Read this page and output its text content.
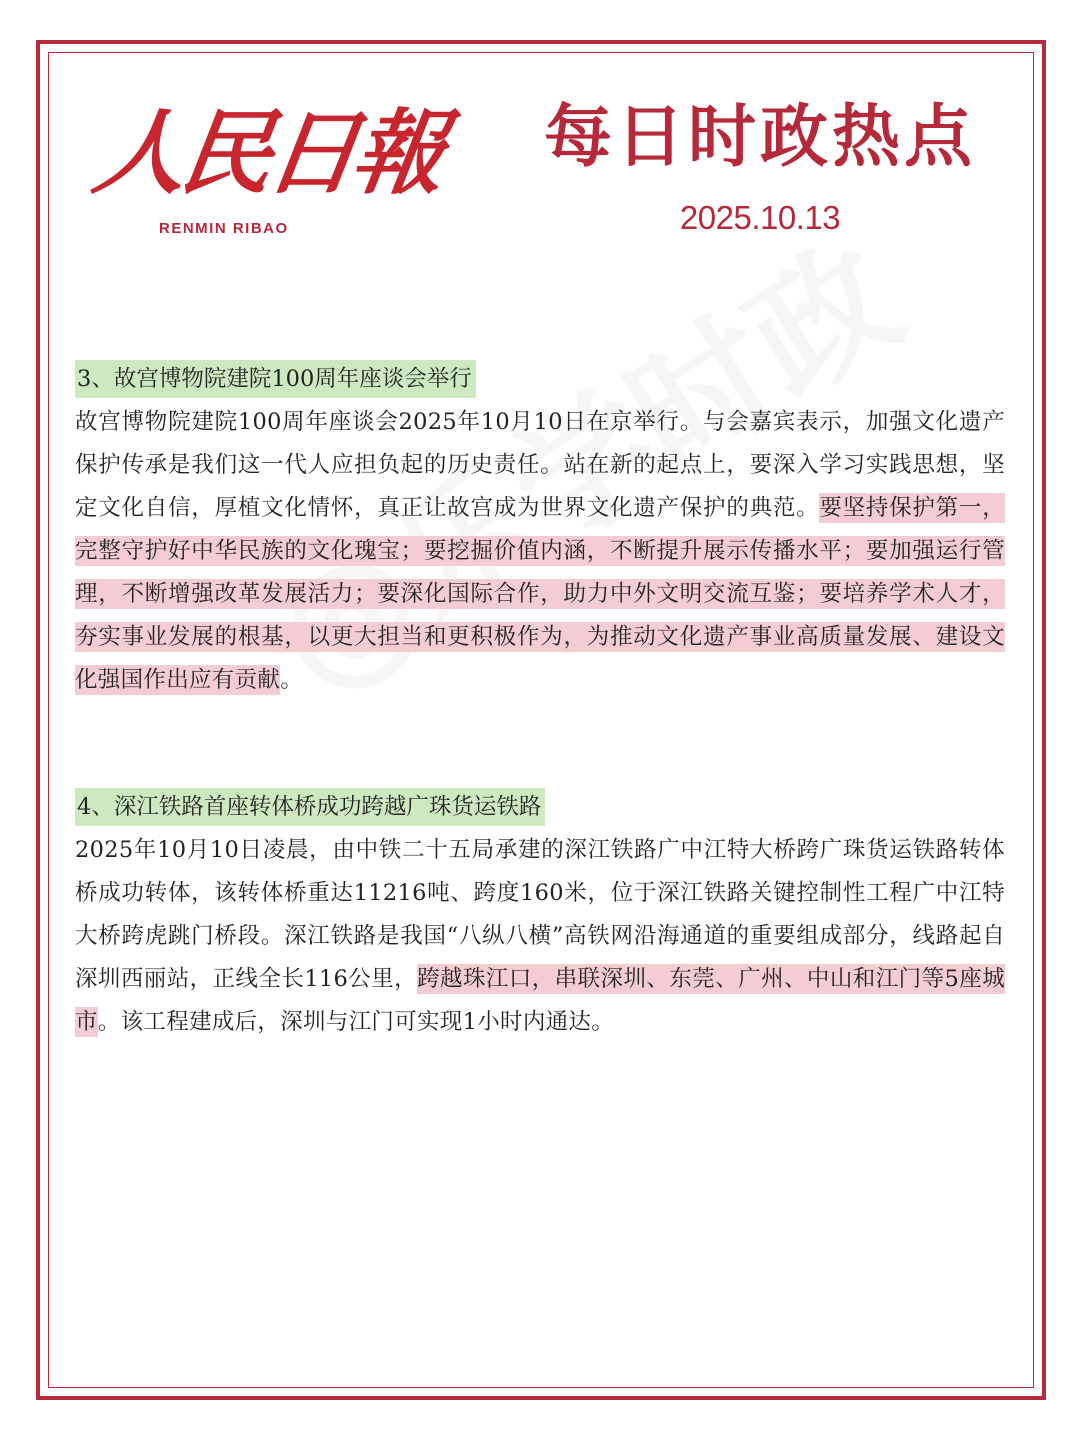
人民日報
RENMIN RIBAO
每日时政热点
2025.10.13
3、故宫博物院建院100周年座谈会举行

故宫博物院建院100周年座谈会2025年10月10日在京举行。与会嘉宾表示，加强文化遗产保护传承是我们这一代人应担负起的历史责任。站在新的起点上，要深入学习实践思想，坚定文化自信，厚植文化情怀，真正让故宫成为世界文化遗产保护的典范。要坚持保护第一，完整守护好中华民族的文化瑰宝；要挖掘价值内涵，不断提升展示传播水平；要加强运行管理，不断增强改革发展活力；要深化国际合作，助力中外文明交流互鉴；要培养学术人才，夯实事业发展的根基，以更大担当和更积极作为，为推动文化遗产事业高质量发展、建设文化强国作出应有贡献。

4、深江铁路首座转体桥成功跨越广珠货运铁路

2025年10月10日凌晨，由中铁二十五局承建的深江铁路广中江特大桥跨广珠货运铁路转体桥成功转体，该转体桥重达11216吨、跨度160米，位于深江铁路关键控制性工程广中江特大桥跨虎跳门桥段。深江铁路是我国“八纵八横”高铁网沿海通道的重要组成部分，线路起自深圳西丽站，正线全长116公里，跨越珠江口，串联深圳、东莞、广州、中山和江门等5座城市。该工程建成后，深圳与江门可实现1小时内通达。
